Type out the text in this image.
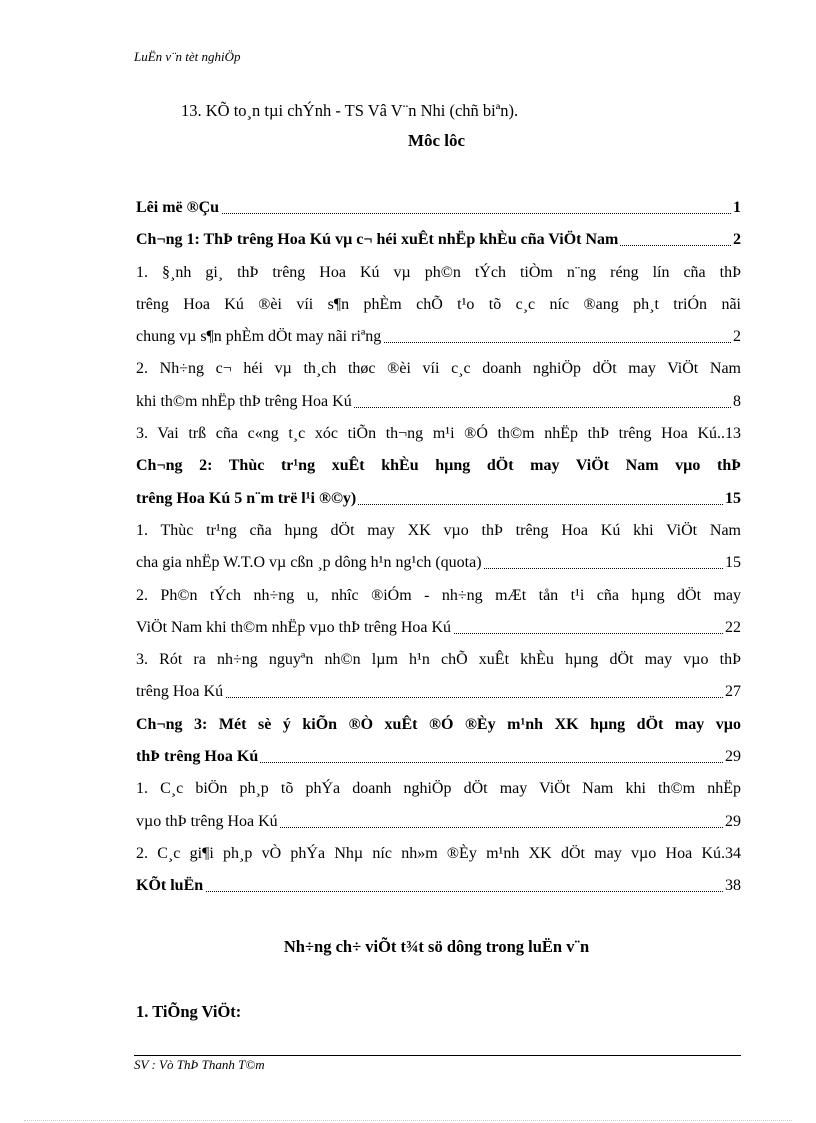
LuËn v¨n tèt nghiÖp
13. KÕ to¸n tµi chÝnh - TS Vâ V¨n Nhi (chñ biªn).
Môc lôc
Lêi më ®Çu	1
Ch¬ng 1: ThÞ trêng Hoa Kú vµ c¬ héi xuÊt nhËp khÈu cña ViÖt Nam	2
1. §¸nh gi¸ thÞ trêng Hoa Kú vµ ph©n tÝch tiÒm n¨ng réng lín cña thÞ
trêng Hoa Kú ®èi víi s¶n phÈm chÕ t¹o tõ c¸c níc ®ang ph¸t triÓn nãi
chung vµ s¶n phÈm dÖt may nãi riªng	2
2. Nh÷ng c¬ héi vµ th¸ch thøc ®èi víi c¸c doanh nghiÖp dÖt may ViÖt Nam
khi th©m nhËp thÞ trêng Hoa Kú	8
3. Vai trß cña c«ng t¸c xóc tiÕn th¬ng m¹i ®Ó th©m nhËp thÞ trêng Hoa Kú..13
Ch¬ng 2: Thùc tr¹ng xuÊt khÈu hµng dÖt may ViÖt Nam vµo thÞ
trêng Hoa Kú 5 n¨m trë l¹i ®©y)	15
1. Thùc tr¹ng cña hµng dÖt may XK vµo thÞ trêng Hoa Kú khi ViÖt Nam
cha gia nhËp W.T.O vµ cßn ¸p dông h¹n ng¹ch (quota)	15
2. Ph©n tÝch nh÷ng u, nhîc ®iÓm - nh÷ng mÆt tån t¹i cña hµng dÖt may
ViÖt Nam khi th©m nhËp vµo thÞ trêng Hoa Kú	22
3. Rót ra nh÷ng nguyªn nh©n lµm h¹n chÕ xuÊt khÈu hµng dÖt may vµo thÞ
trêng Hoa Kú	27
Ch¬ng 3: Mét sè ý kiÕn ®Ò xuÊt ®Ó ®Èy m¹nh XK hµng dÖt may vµo
thÞ trêng Hoa Kú	29
1. C¸c biÖn ph¸p tõ phÝa doanh nghiÖp dÖt may ViÖt Nam khi th©m nhËp
vµo thÞ trêng Hoa Kú	29
2. C¸c gi¶i ph¸p vÒ phÝa Nhµ níc nh»m ®Èy m¹nh XK dÖt may vµo Hoa Kú.34
KÕt luËn	38
Nh÷ng ch÷ viÕt t¾t sö dông trong luËn v¨n
1. TiÕng ViÖt:
SV : Vò ThÞ Thanh T©m
